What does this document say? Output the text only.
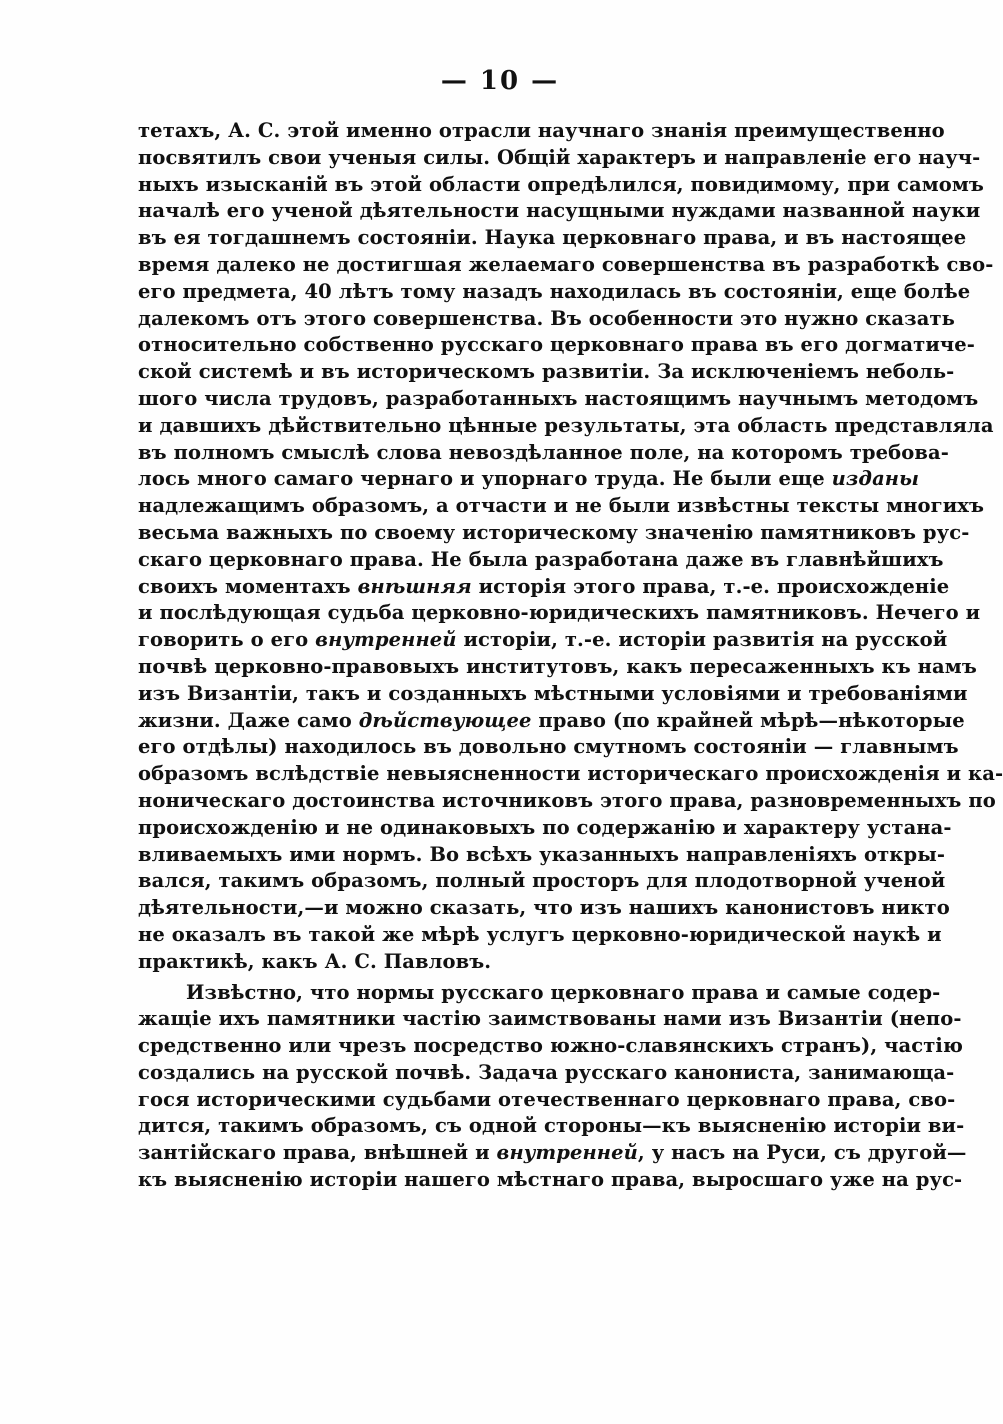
— 10 —
тетахъ, А. С. этой именно отрасли научнаго знанія преимущественно
посвятилъ свои ученыя силы. Общій характеръ и направленіе его науч-
ныхъ изысканій въ этой области опредѣлился, повидимому, при самомъ
началѣ его ученой дѣятельности насущными нуждами названной науки
въ ея тогдашнемъ состояніи. Наука церковнаго права, и въ настоящее
время далеко не достигшая желаемаго совершенства въ разработкѣ сво-
его предмета, 40 лѣтъ тому назадъ находилась въ состояніи, еще болѣе
далекомъ отъ этого совершенства. Въ особенности это нужно сказать
относительно собственно русскаго церковнаго права въ его догматиче-
ской системѣ и въ историческомъ развитіи. За исключеніемъ неболь-
шого числа трудовъ, разработанныхъ настоящимъ научнымъ методомъ
и давшихъ дѣйствительно цѣнные результаты, эта область представляла
въ полномъ смыслѣ слова невоздѣланное поле, на которомъ требова-
лось много самаго чернаго и упорнаго труда. Не были еще изданы
надлежащимъ образомъ, а отчасти и не были извѣстны тексты многихъ
весьма важныхъ по своему историческому значенію памятниковъ рус-
скаго церковнаго права. Не была разработана даже въ главнѣйшихъ
своихъ моментахъ внѣшняя исторія этого права, т.-е. происхожденіе
и послѣдующая судьба церковно-юридическихъ памятниковъ. Нечего и
говорить о его внутренней исторіи, т.-е. исторіи развитія на русской
почвѣ церковно-правовыхъ институтовъ, какъ пересаженныхъ къ намъ
изъ Византіи, такъ и созданныхъ мѣстными условіями и требованіями
жизни. Даже само дѣйствующее право (по крайней мѣрѣ—нѣкоторые
его отдѣлы) находилось въ довольно смутномъ состояніи — главнымъ
образомъ вслѣдствіе невыясненности историческаго происхожденія и ка-
ноническаго достоинства источниковъ этого права, разновременныхъ по
происхожденію и не одинаковыхъ по содержанію и характеру устана-
вливаемыхъ ими нормъ. Во всѣхъ указанныхъ направленіяхъ откры-
вался, такимъ образомъ, полный просторъ для плодотворной ученой
дѣятельности,—и можно сказать, что изъ нашихъ канонистовъ никто
не оказалъ въ такой же мѣрѣ услугъ церковно-юридической наукѣ и
практикѣ, какъ А. С. Павловъ.
Извѣстно, что нормы русскаго церковнаго права и самые содер-
жащіе ихъ памятники частію заимствованы нами изъ Византіи (непо-
средственно или чрезъ посредство южно-славянскихъ странъ), частію
создались на русской почвѣ. Задача русскаго канониста, занимающа-
гося историческими судьбами отечественнаго церковнаго права, сво-
дится, такимъ образомъ, съ одной стороны—къ выясненію исторіи ви-
зантійскаго права, внѣшней и внутренней, у насъ на Руси, съ другой—
къ выясненію исторіи нашего мѣстнаго права, выросшаго уже на рус-
